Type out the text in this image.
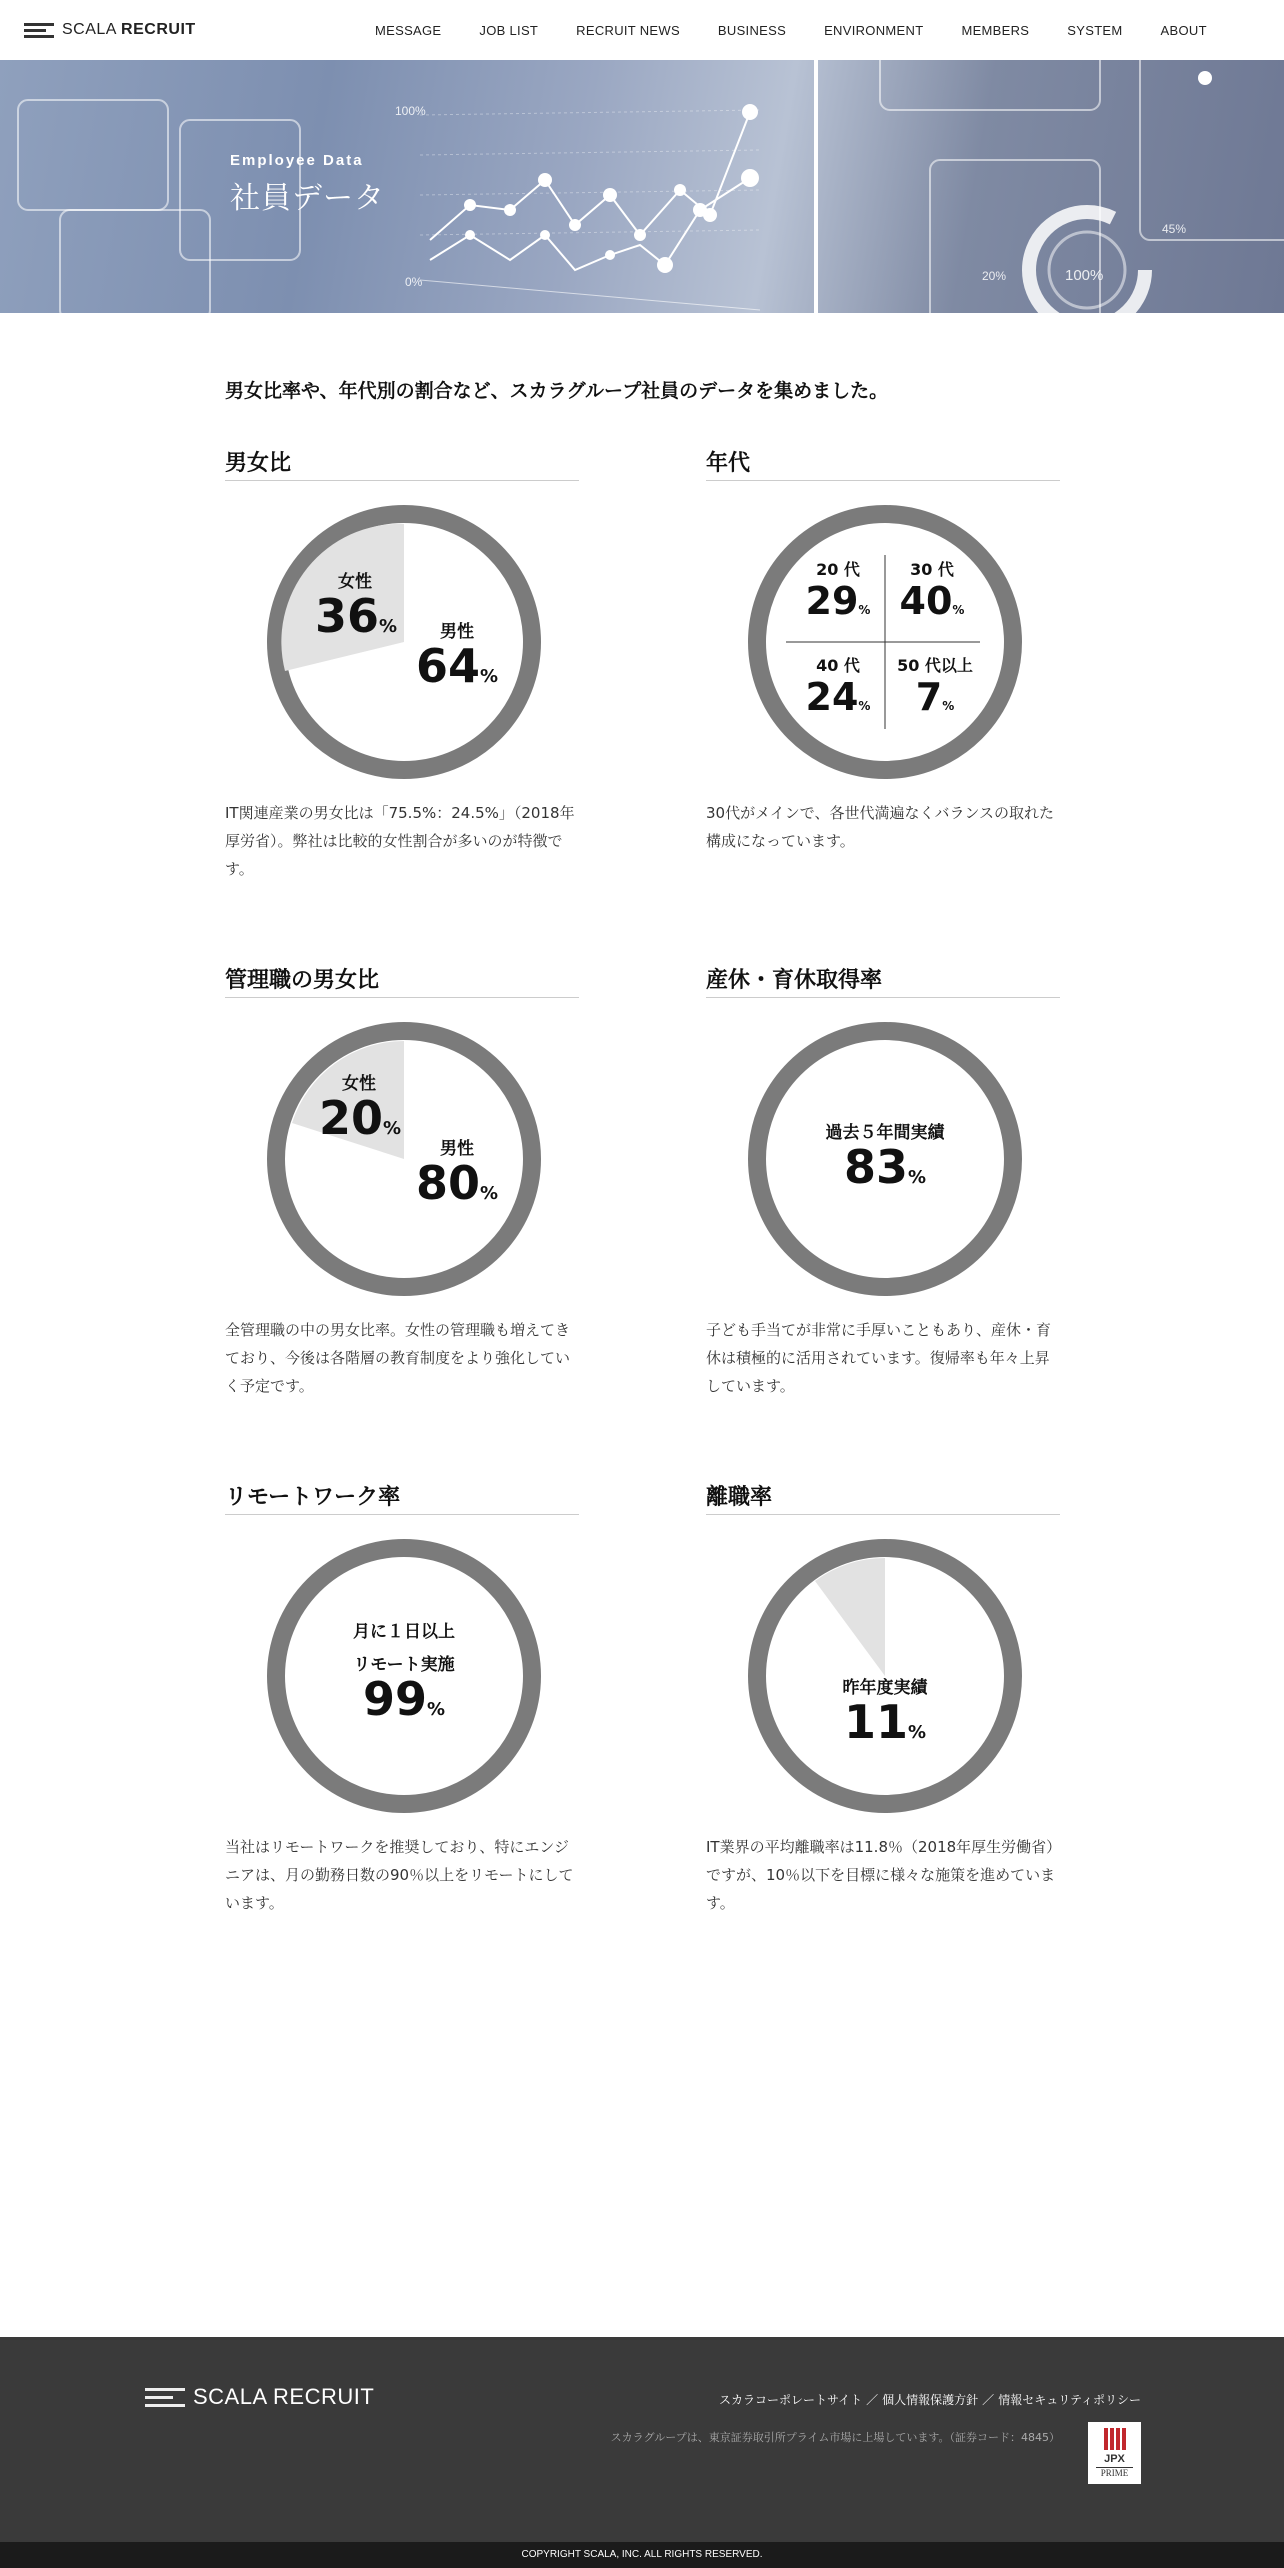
SCALA RECRUIT	MESSAGE	JOB LIST	RECRUIT NEWS	BUSINESS	ENVIRONMENT	MEMBERS	SYSTEM	ABOUT
100%
0%
45%
20%	100%
Employee Data
社員データ
男女比率や、年代別の割合など、スカラグループ社員のデータを集めました。
男女比
女性
36%	男性
64%

IT関連産業の男女比は「75.5%：24.5%」（2018年厚労省）。弊社は比較的女性割合が多いのが特徴です。

年代
20 代
29%
30 代
40%
40 代
24%
50 代以上
7%

30代がメインで、各世代満遍なくバランスの取れた構成になっています。

管理職の男女比
女性
20%
男性
80%

全管理職の中の男女比率。女性の管理職も増えてきており、今後は各階層の教育制度をより強化していく予定です。

産休・育休取得率
過去５年間実績
83%

子ども手当てが非常に手厚いこともあり、産休・育休は積極的に活用されています。復帰率も年々上昇しています。

リモートワーク率
月に１日以上
リモート実施
99%

当社はリモートワークを推奨しており、特にエンジニアは、月の勤務日数の90％以上をリモートにしています。

離職率
昨年度実績
11%

IT業界の平均離職率は11.8％（2018年厚生労働省）ですが、10％以下を目標に様々な施策を進めています。

SCALA RECRUIT	スカラコーポレートサイト ／ 個人情報保護方針 ／ 情報セキュリティポリシー
スカラグループは、東京証券取引所プライム市場に上場しています。（証券コード：4845）
JPX
PRIME
COPYRIGHT SCALA, INC. ALL RIGHTS RESERVED.
